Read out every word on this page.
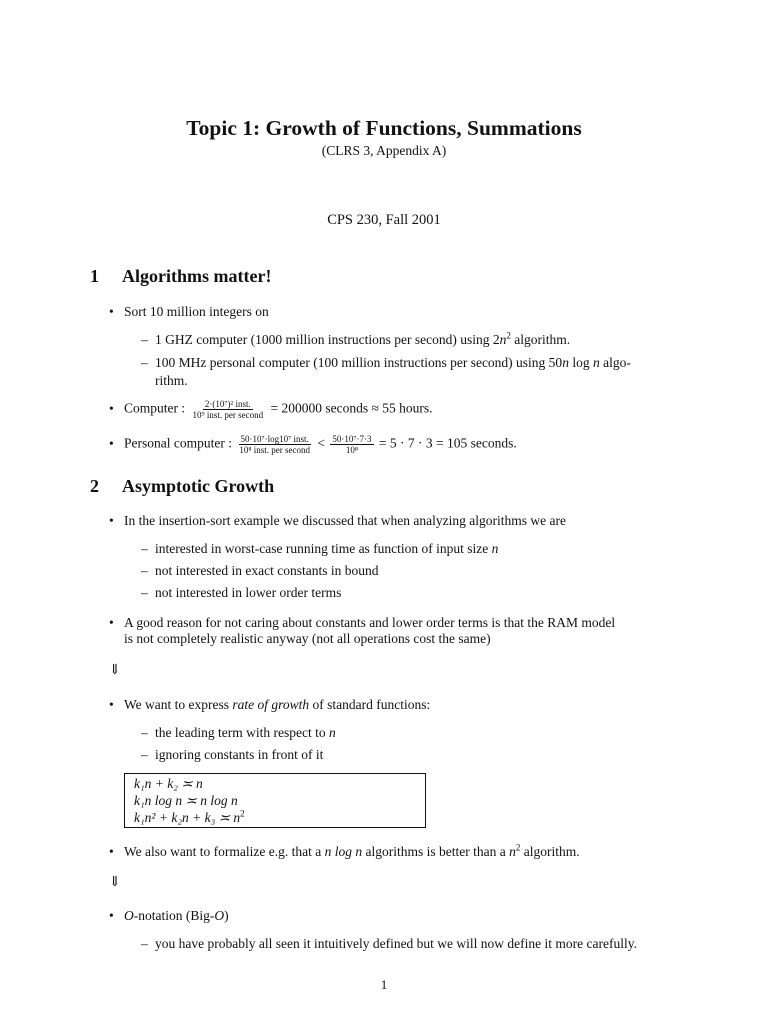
Topic 1: Growth of Functions, Summations
(CLRS 3, Appendix A)
CPS 230, Fall 2001
1 Algorithms matter!
• Sort 10 million integers on
– 1 GHZ computer (1000 million instructions per second) using $2n^2$ algorithm.
– 100 MHz personal computer (100 million instructions per second) using 50n log n algo-
rithm.
• Computer : $\frac{\text{2·(10⁷)² inst.}}{\text{10⁹ inst. per second}} = 200000$ seconds ≈ 55 hours.
• Personal computer : $\frac{\text{50·10⁷·log10⁷ inst.}}{\text{10⁸ inst. per second}} < \frac{\text{50·10⁷·7·3}}{\text{10⁸}} = 5 \cdot 7 \cdot 3 = 105$ seconds.
2 Asymptotic Growth
• In the insertion-sort example we discussed that when analyzing algorithms we are
– interested in worst-case running time as function of input size n
– not interested in exact constants in bound
– not interested in lower order terms
• A good reason for not caring about constants and lower order terms is that the RAM model
is not completely realistic anyway (not all operations cost the same)
⇓
• We want to express rate of growth of standard functions:
– the leading term with respect to n
– ignoring constants in front of it
k₁n + k₂ ≍ n
k₁n log n ≍ n log n
k₁n² + k₂n + k₃ ≍ $n^2$
• We also want to formalize e.g. that a n log n algorithms is better than a $n^2$ algorithm.
⇓
• O-notation (Big-O)
– you have probably all seen it intuitively defined but we will now define it more carefully.
1
